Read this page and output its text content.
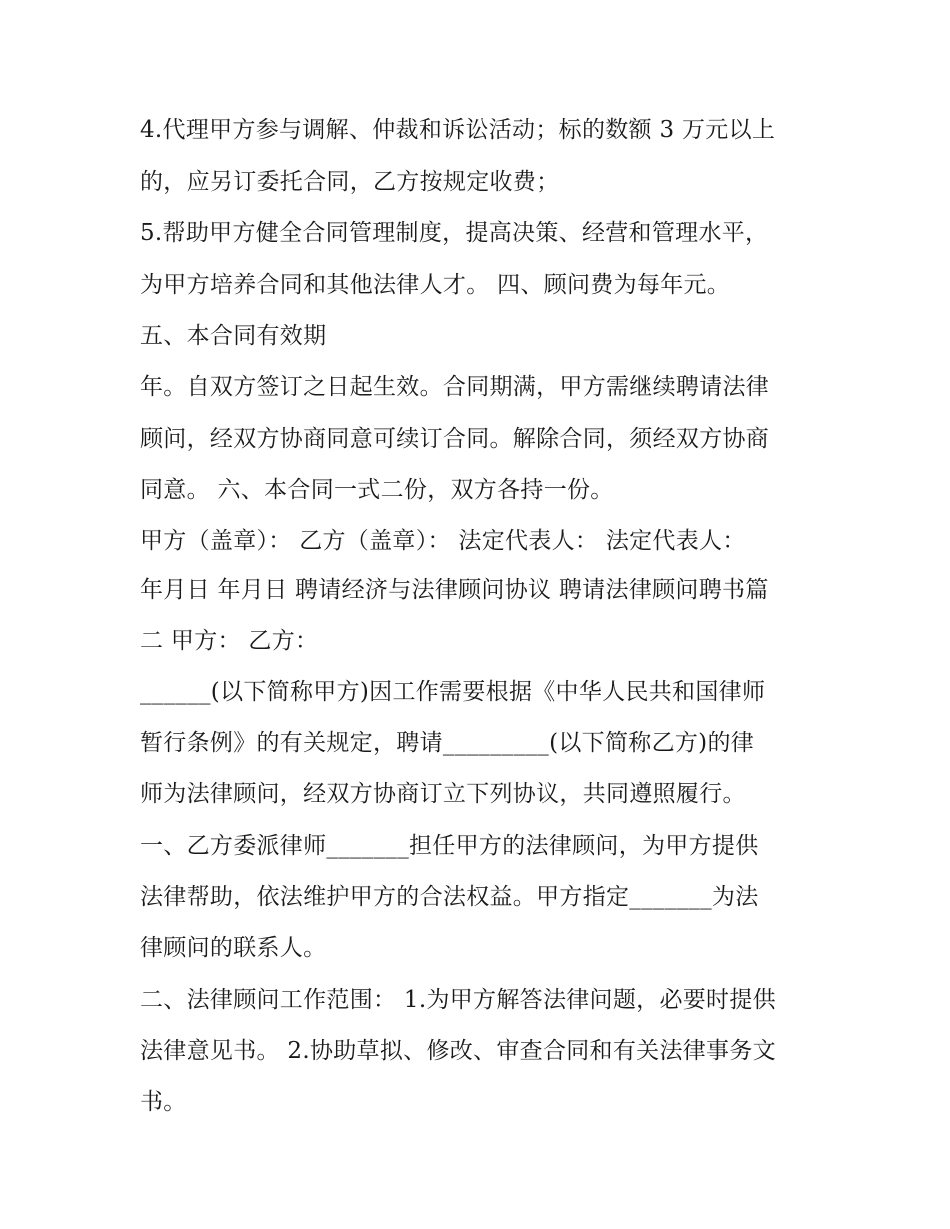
4.代理甲方参与调解、仲裁和诉讼活动；标的数额 3 万元以上
的，应另订委托合同，乙方按规定收费；
5.帮助甲方健全合同管理制度，提高决策、经营和管理水平，
为甲方培养合同和其他法律人才。 四、顾问费为每年元。
五、本合同有效期
年。自双方签订之日起生效。合同期满，甲方需继续聘请法律
顾问，经双方协商同意可续订合同。解除合同，须经双方协商
同意。 六、本合同一式二份，双方各持一份。
甲方（盖章）： 乙方（盖章）： 法定代表人： 法定代表人：
年月日 年月日 聘请经济与法律顾问协议 聘请法律顾问聘书篇
二 甲方： 乙方：
______(以下简称甲方)因工作需要根据《中华人民共和国律师
暂行条例》的有关规定，聘请_________(以下简称乙方)的律
师为法律顾问，经双方协商订立下列协议，共同遵照履行。
一、乙方委派律师_______担任甲方的法律顾问，为甲方提供
法律帮助，依法维护甲方的合法权益。甲方指定_______为法
律顾问的联系人。
二、法律顾问工作范围： 1.为甲方解答法律问题，必要时提供
法律意见书。 2.协助草拟、修改、审查合同和有关法律事务文
书。
